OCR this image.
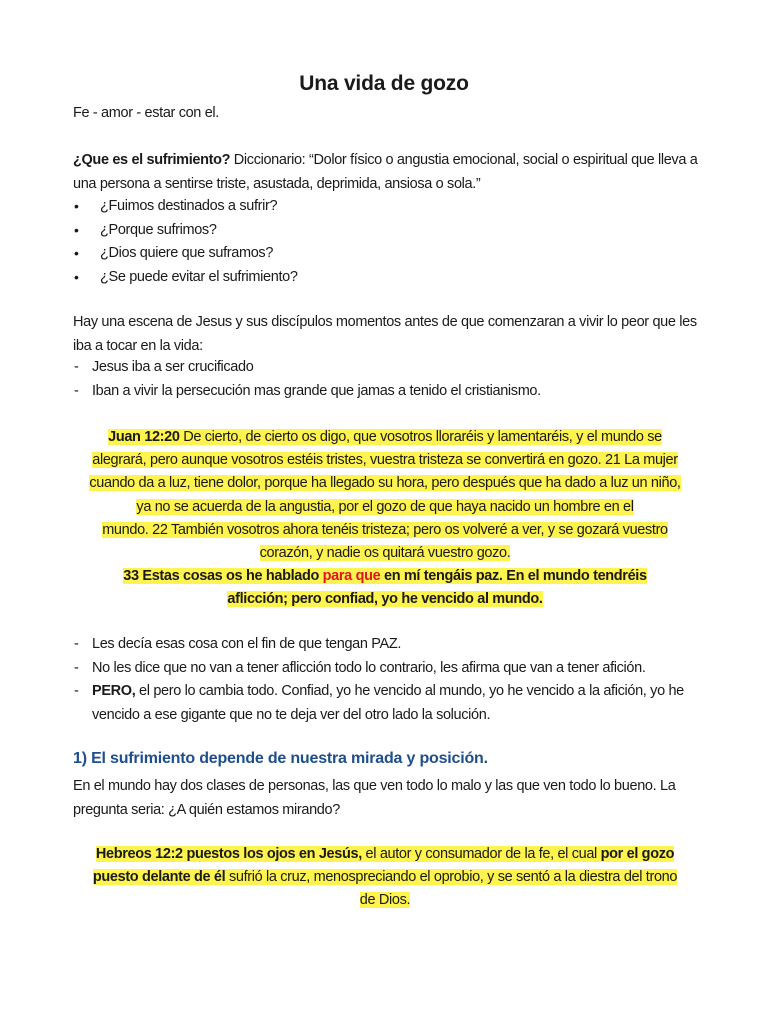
Una vida de gozo
Fe - amor - estar con el.
¿Que es el sufrimiento? Diccionario: “Dolor físico o angustia emocional, social o espiritual que lleva a una persona a sentirse triste, asustada, deprimida, ansiosa o sola.”
• ¿Fuimos destinados a sufrir?
• ¿Porque sufrimos?
• ¿Dios quiere que suframos?
• ¿Se puede evitar el sufrimiento?
Hay una escena de Jesus y sus discípulos momentos antes de que comenzaran a vivir lo peor que les iba a tocar en la vida:
- Jesus iba a ser crucificado
- Iban a vivir la persecución mas grande que jamas a tenido el cristianismo.
Juan 12:20 De cierto, de cierto os digo, que vosotros lloraréis y lamentaréis, y el mundo se
alegrará, pero aunque vosotros estéis tristes, vuestra tristeza se convertirá en gozo. 21 La mujer
cuando da a luz, tiene dolor, porque ha llegado su hora, pero después que ha dado a luz un niño,
ya no se acuerda de la angustia, por el gozo de que haya nacido un hombre en el
mundo. 22 También vosotros ahora tenéis tristeza; pero os volveré a ver, y se gozará vuestro
corazón, y nadie os quitará vuestro gozo.
33 Estas cosas os he hablado para que en mí tengáis paz. En el mundo tendréis
aflicción; pero confiad, yo he vencido al mundo.
- Les decía esas cosa con el fin de que tengan PAZ.
- No les dice que no van a tener aflicción todo lo contrario, les afirma que van a tener afición.
- PERO, el pero lo cambia todo. Confiad, yo he vencido al mundo, yo he vencido a la afición, yo he vencido a ese gigante que no te deja ver del otro lado la solución.
1) El sufrimiento depende de nuestra mirada y posición.
En el mundo hay dos clases de personas, las que ven todo lo malo y las que ven todo lo bueno. La pregunta seria: ¿A quién estamos mirando?
Hebreos 12:2 puestos los ojos en Jesús, el autor y consumador de la fe, el cual por el gozo
puesto delante de él sufrió la cruz, menospreciando el oprobio, y se sentó a la diestra del trono
de Dios.
